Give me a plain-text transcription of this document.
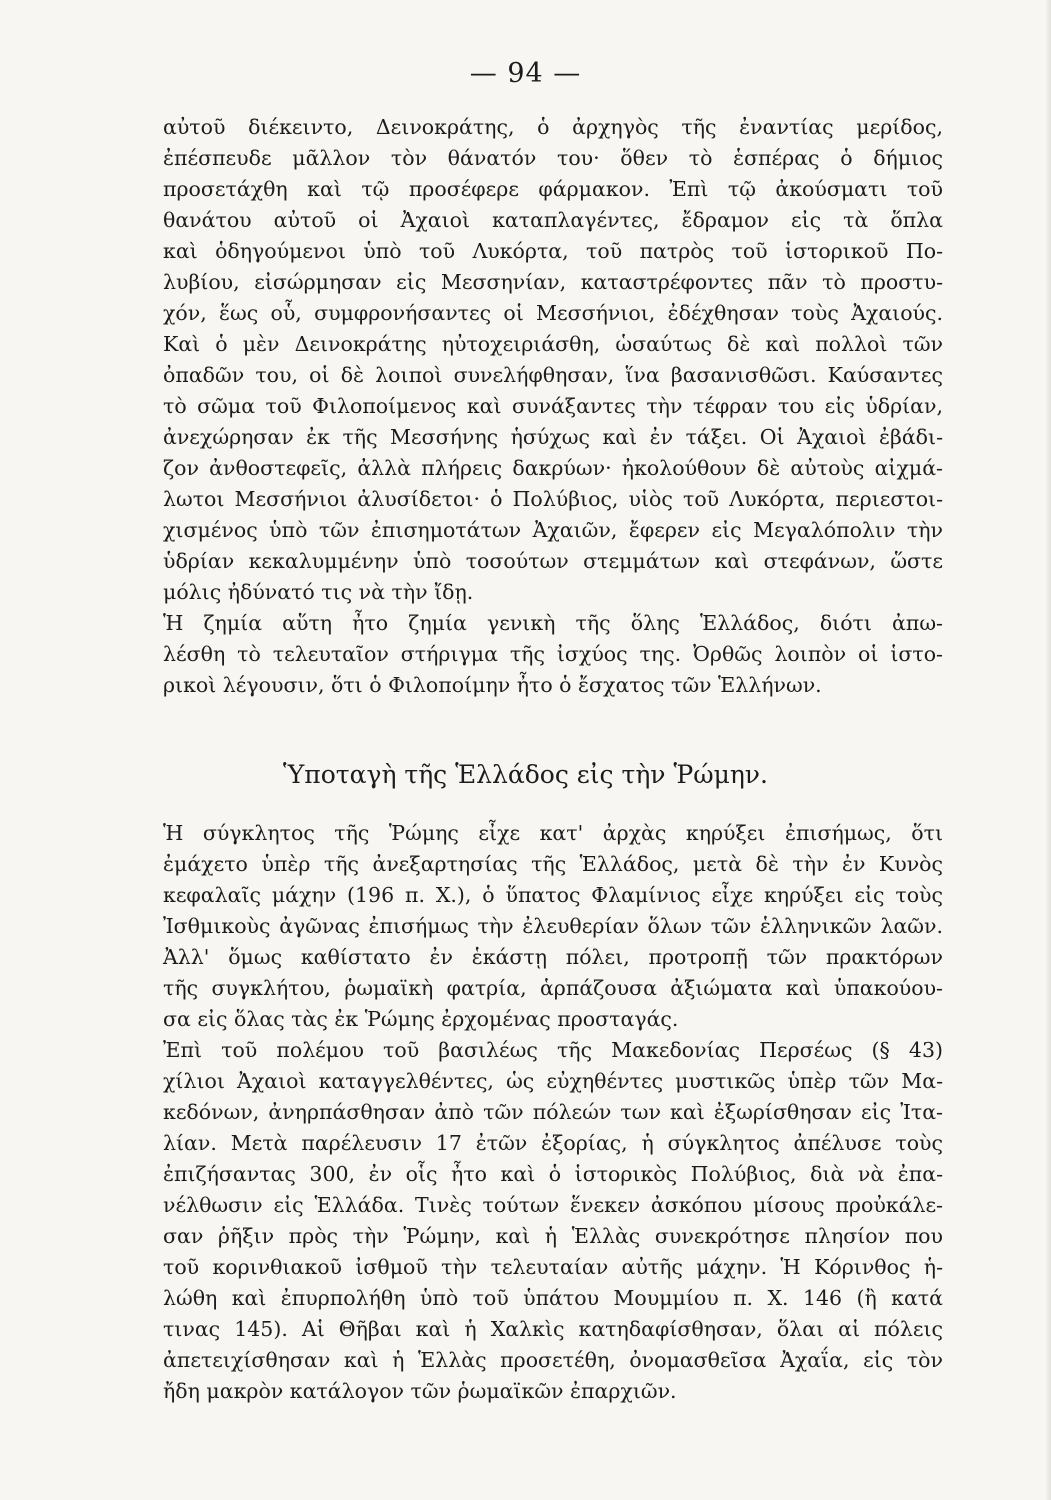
— 94 —
αὐτοῦ διέκειντο, Δεινοκράτης, ὁ ἀρχηγὸς τῆς ἐναντίας μερίδος,
ἐπέσπευδε μᾶλλον τὸν θάνατόν του· ὅθεν τὸ ἑσπέρας ὁ δήμιος
προσετάχθη καὶ τῷ προσέφερε φάρμακον. Ἐπὶ τῷ ἀκούσματι τοῦ
θανάτου αὐτοῦ οἱ Ἀχαιοὶ καταπλαγέντες, ἔδραμον εἰς τὰ ὅπλα
καὶ ὁδηγούμενοι ὑπὸ τοῦ Λυκόρτα, τοῦ πατρὸς τοῦ ἱστορικοῦ Πο-
λυβίου, εἰσώρμησαν εἰς Μεσσηνίαν, καταστρέφοντες πᾶν τὸ προστυ-
χόν, ἕως οὗ, συμφρονήσαντες οἱ Μεσσήνιοι, ἐδέχθησαν τοὺς Ἀχαιούς.
Καὶ ὁ μὲν Δεινοκράτης ηὐτοχειριάσθη, ὡσαύτως δὲ καὶ πολλοὶ τῶν
ὀπαδῶν του, οἱ δὲ λοιποὶ συνελήφθησαν, ἵνα βασανισθῶσι. Καύσαντες
τὸ σῶμα τοῦ Φιλοποίμενος καὶ συνάξαντες τὴν τέφραν του εἰς ὑδρίαν,
ἀνεχώρησαν ἐκ τῆς Μεσσήνης ἡσύχως καὶ ἐν τάξει. Οἱ Ἀχαιοὶ ἐβάδι-
ζον ἀνθοστεφεῖς, ἀλλὰ πλήρεις δακρύων· ἠκολούθουν δὲ αὐτοὺς αἰχμά-
λωτοι Μεσσήνιοι ἀλυσίδετοι· ὁ Πολύβιος, υἱὸς τοῦ Λυκόρτα, περιεστοι-
χισμένος ὑπὸ τῶν ἐπισημοτάτων Ἀχαιῶν, ἔφερεν εἰς Μεγαλόπολιν τὴν
ὑδρίαν κεκαλυμμένην ὑπὸ τοσούτων στεμμάτων καὶ στεφάνων, ὥστε
μόλις ἠδύνατό τις νὰ τὴν ἴδῃ.
Ἡ ζημία αὕτη ἦτο ζημία γενικὴ τῆς ὅλης Ἑλλάδος, διότι ἀπω-
λέσθη τὸ τελευταῖον στήριγμα τῆς ἰσχύος της. Ὀρθῶς λοιπὸν οἱ ἱστο-
ρικοὶ λέγουσιν, ὅτι ὁ Φιλοποίμην ἦτο ὁ ἔσχατος τῶν Ἑλλήνων.
Ὑποταγὴ τῆς Ἑλλάδος εἰς τὴν Ῥώμην.
Ἡ σύγκλητος τῆς Ῥώμης εἶχε κατ' ἀρχὰς κηρύξει ἐπισήμως, ὅτι
ἐμάχετο ὑπὲρ τῆς ἀνεξαρτησίας τῆς Ἑλλάδος, μετὰ δὲ τὴν ἐν Κυνὸς
κεφαλαῖς μάχην (196 π. Χ.), ὁ ὕπατος Φλαμίνιος εἶχε κηρύξει εἰς τοὺς
Ἰσθμικοὺς ἀγῶνας ἐπισήμως τὴν ἐλευθερίαν ὅλων τῶν ἑλληνικῶν λαῶν.
Ἀλλ' ὅμως καθίστατο ἐν ἑκάστῃ πόλει, προτροπῇ τῶν πρακτόρων
τῆς συγκλήτου, ῥωμαϊκὴ φατρία, ἁρπάζουσα ἀξιώματα καὶ ὑπακούου-
σα εἰς ὅλας τὰς ἐκ Ῥώμης ἐρχομένας προσταγάς.
Ἐπὶ τοῦ πολέμου τοῦ βασιλέως τῆς Μακεδονίας Περσέως (§ 43)
χίλιοι Ἀχαιοὶ καταγγελθέντες, ὡς εὐχηθέντες μυστικῶς ὑπὲρ τῶν Μα-
κεδόνων, ἀνηρπάσθησαν ἀπὸ τῶν πόλεών των καὶ ἐξωρίσθησαν εἰς Ἰτα-
λίαν. Μετὰ παρέλευσιν 17 ἐτῶν ἐξορίας, ἡ σύγκλητος ἀπέλυσε τοὺς
ἐπιζήσαντας 300, ἐν οἷς ἦτο καὶ ὁ ἱστορικὸς Πολύβιος, διὰ νὰ ἐπα-
νέλθωσιν εἰς Ἑλλάδα. Τινὲς τούτων ἕνεκεν ἀσκόπου μίσους προὐκάλε-
σαν ῥῆξιν πρὸς τὴν Ῥώμην, καὶ ἡ Ἑλλὰς συνεκρότησε πλησίον που
τοῦ κορινθιακοῦ ἰσθμοῦ τὴν τελευταίαν αὐτῆς μάχην. Ἡ Κόρινθος ἡ-
λώθη καὶ ἐπυρπολήθη ὑπὸ τοῦ ὑπάτου Μουμμίου π. Χ. 146 (ἢ κατά
τινας 145). Αἱ Θῆβαι καὶ ἡ Χαλκὶς κατηδαφίσθησαν, ὅλαι αἱ πόλεις
ἀπετειχίσθησαν καὶ ἡ Ἑλλὰς προσετέθη, ὀνομασθεῖσα Ἀχαΐα, εἰς τὸν
ἤδη μακρὸν κατάλογον τῶν ῥωμαϊκῶν ἐπαρχιῶν.
